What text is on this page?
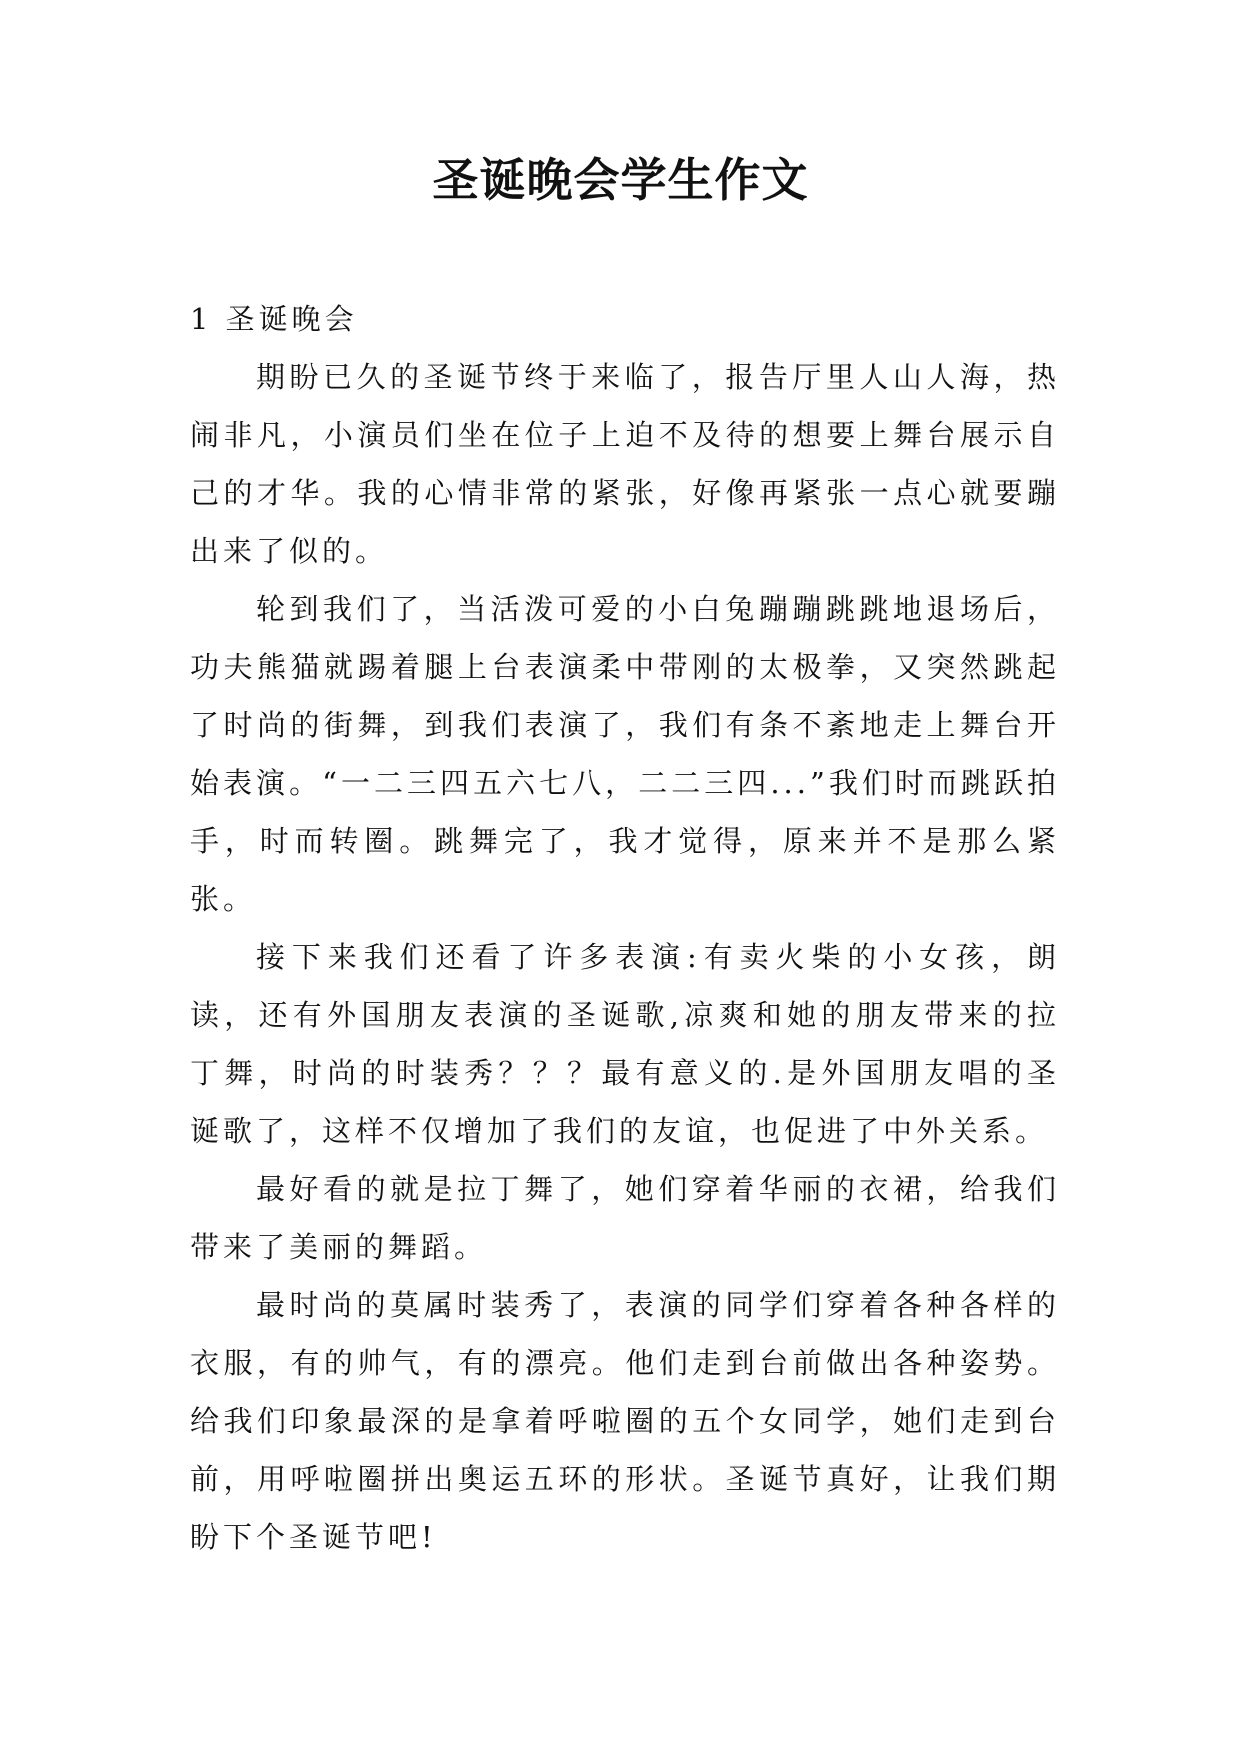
圣诞晚会学生作文
1 圣诞晚会

期盼已久的圣诞节终于来临了，报告厅里人山人海，热闹非凡，小演员们坐在位子上迫不及待的想要上舞台展示自己的才华。我的心情非常的紧张，好像再紧张一点心就要蹦出来了似的。

轮到我们了，当活泼可爱的小白兔蹦蹦跳跳地退场后，功夫熊猫就踢着腿上台表演柔中带刚的太极拳，又突然跳起了时尚的街舞，到我们表演了，我们有条不紊地走上舞台开始表演。“一二三四五六七八，二二三四...”我们时而跳跃拍手，时而转圈。跳舞完了，我才觉得，原来并不是那么紧张。

接下来我们还看了许多表演:有卖火柴的小女孩，朗读，还有外国朋友表演的圣诞歌,凉爽和她的朋友带来的拉丁舞，时尚的时装秀？？？最有意义的.是外国朋友唱的圣诞歌了，这样不仅增加了我们的友谊，也促进了中外关系。

最好看的就是拉丁舞了，她们穿着华丽的衣裙，给我们带来了美丽的舞蹈。

最时尚的莫属时装秀了，表演的同学们穿着各种各样的衣服，有的帅气，有的漂亮。他们走到台前做出各种姿势。给我们印象最深的是拿着呼啦圈的五个女同学，她们走到台前，用呼啦圈拼出奥运五环的形状。圣诞节真好，让我们期盼下个圣诞节吧!
